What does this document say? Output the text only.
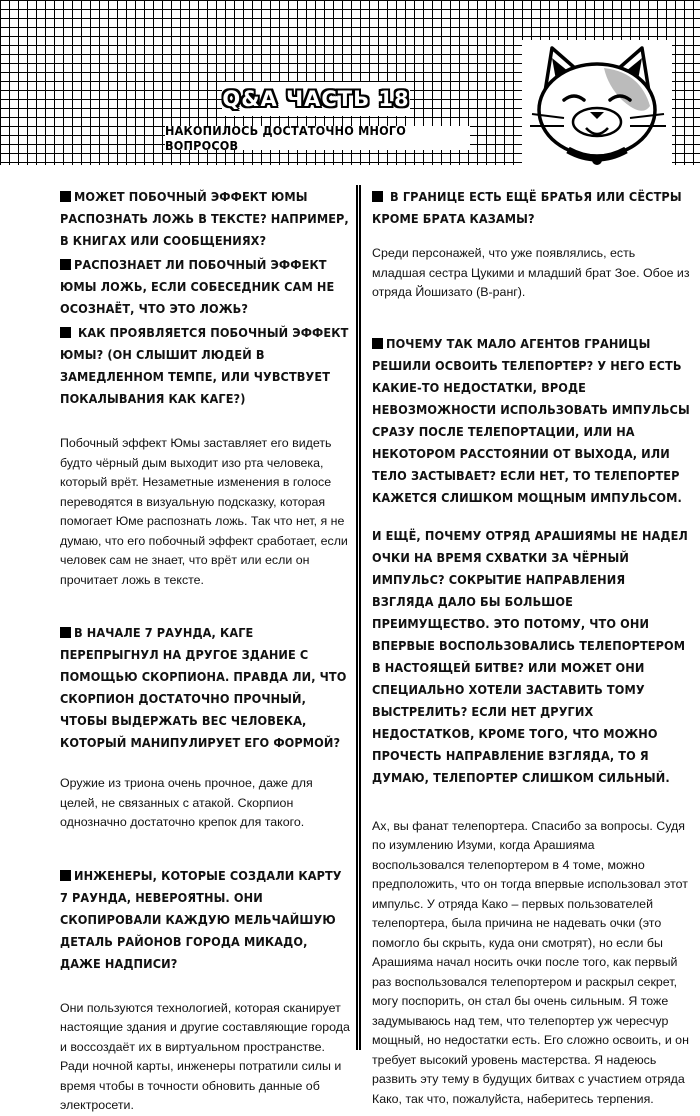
Q&A ЧАСТЬ 18
НАКОПИЛОСЬ ДОСТАТОЧНО МНОГО ВОПРОСОВ

МОЖЕТ ПОБОЧНЫЙ ЭФФЕКТ ЮМЫ РАСПОЗНАТЬ ЛОЖЬ В ТЕКСТЕ? НАПРИМЕР, В КНИГАХ ИЛИ СООБЩЕНИЯХ?

РАСПОЗНАЕТ ЛИ ПОБОЧНЫЙ ЭФФЕКТ ЮМЫ ЛОЖЬ, ЕСЛИ СОБЕСЕДНИК САМ НЕ ОСОЗНАЁТ, ЧТО ЭТО ЛОЖЬ?

КАК ПРОЯВЛЯЕТСЯ ПОБОЧНЫЙ ЭФФЕКТ ЮМЫ? (ОН СЛЫШИТ ЛЮДЕЙ В ЗАМЕДЛЕННОМ ТЕМПЕ, ИЛИ ЧУВСТВУЕТ ПОКАЛЫВАНИЯ КАК КАГЕ?)

Побочный эффект Юмы заставляет его видеть будто чёрный дым выходит изо рта человека, который врёт. Незаметные изменения в голосе переводятся в визуальную подсказку, которая помогает Юме распознать ложь. Так что нет, я не думаю, что его побочный эффект сработает, если человек сам не знает, что врёт или если он прочитает ложь в тексте.

В НАЧАЛЕ 7 РАУНДА, КАГЕ ПЕРЕПРЫГНУЛ НА ДРУГОЕ ЗДАНИЕ С ПОМОЩЬЮ СКОРПИОНА. ПРАВДА ЛИ, ЧТО СКОРПИОН ДОСТАТОЧНО ПРОЧНЫЙ, ЧТОБЫ ВЫДЕРЖАТЬ ВЕС ЧЕЛОВЕКА, КОТОРЫЙ МАНИПУЛИРУЕТ ЕГО ФОРМОЙ?

Оружие из триона очень прочное, даже для целей, не связанных с атакой. Скорпион однозначно достаточно крепок для такого.

ИНЖЕНЕРЫ, КОТОРЫЕ СОЗДАЛИ КАРТУ 7 РАУНДА, НЕВЕРОЯТНЫ. ОНИ СКОПИРОВАЛИ КАЖДУЮ МЕЛЬЧАЙШУЮ ДЕТАЛЬ РАЙОНОВ ГОРОДА МИКАДО, ДАЖЕ НАДПИСИ?

Они пользуются технологией, которая сканирует настоящие здания и другие составляющие города и воссоздаёт их в виртуальном пространстве. Ради ночной карты, инженеры потратили силы и время чтобы в точности обновить данные об электросети.

В ГРАНИЦЕ ЕСТЬ ЕЩЁ БРАТЬЯ ИЛИ СЁСТРЫ КРОМЕ БРАТА КАЗАМЫ?

Среди персонажей, что уже появлялись, есть младшая сестра Цукими и младший брат Зое. Обое из отряда Йошизато (B-ранг).

ПОЧЕМУ ТАК МАЛО АГЕНТОВ ГРАНИЦЫ РЕШИЛИ ОСВОИТЬ ТЕЛЕПОРТЕР? У НЕГО ЕСТЬ КАКИЕ-ТО НЕДОСТАТКИ, ВРОДЕ НЕВОЗМОЖНОСТИ ИСПОЛЬЗОВАТЬ ИМПУЛЬСЫ СРАЗУ ПОСЛЕ ТЕЛЕПОРТАЦИИ, ИЛИ НА НЕКОТОРОМ РАССТОЯНИИ ОТ ВЫХОДА, ИЛИ ТЕЛО ЗАСТЫВАЕТ? ЕСЛИ НЕТ, ТО ТЕЛЕПОРТЕР КАЖЕТСЯ СЛИШКОМ МОЩНЫМ ИМПУЛЬСОМ.

И ЕЩЁ, ПОЧЕМУ ОТРЯД АРАШИЯМЫ НЕ НАДЕЛ ОЧКИ НА ВРЕМЯ СХВАТКИ ЗА ЧЁРНЫЙ ИМПУЛЬС? СОКРЫТИЕ НАПРАВЛЕНИЯ ВЗГЛЯДА ДАЛО БЫ БОЛЬШОЕ ПРЕИМУЩЕСТВО. ЭТО ПОТОМУ, ЧТО ОНИ ВПЕРВЫЕ ВОСПОЛЬЗОВАЛИСЬ ТЕЛЕПОРТЕРОМ В НАСТОЯЩЕЙ БИТВЕ? ИЛИ МОЖЕТ ОНИ СПЕЦИАЛЬНО ХОТЕЛИ ЗАСТАВИТЬ ТОМУ ВЫСТРЕЛИТЬ? ЕСЛИ НЕТ ДРУГИХ НЕДОСТАТКОВ, КРОМЕ ТОГО, ЧТО МОЖНО ПРОЧЕСТЬ НАПРАВЛЕНИЕ ВЗГЛЯДА, ТО Я ДУМАЮ, ТЕЛЕПОРТЕР СЛИШКОМ СИЛЬНЫЙ.

Ах, вы фанат телепортера. Спасибо за вопросы. Судя по изумлению Изуми, когда Арашияма воспользовался телепортером в 4 томе, можно предположить, что он тогда впервые использовал этот импульс. У отряда Како – первых пользователей телепортера, была причина не надевать очки (это помогло бы скрыть, куда они смотрят), но если бы Арашияма начал носить очки после того, как первый раз воспользовался телепортером и раскрыл секрет, могу поспорить, он стал бы очень сильным. Я тоже задумываюсь над тем, что телепортер уж чересчур мощный, но недостатки есть. Его сложно освоить, и он требует высокий уровень мастерства. Я надеюсь развить эту тему в будущих битвах с участием отряда Како, так что, пожалуйста, наберитесь терпения.
